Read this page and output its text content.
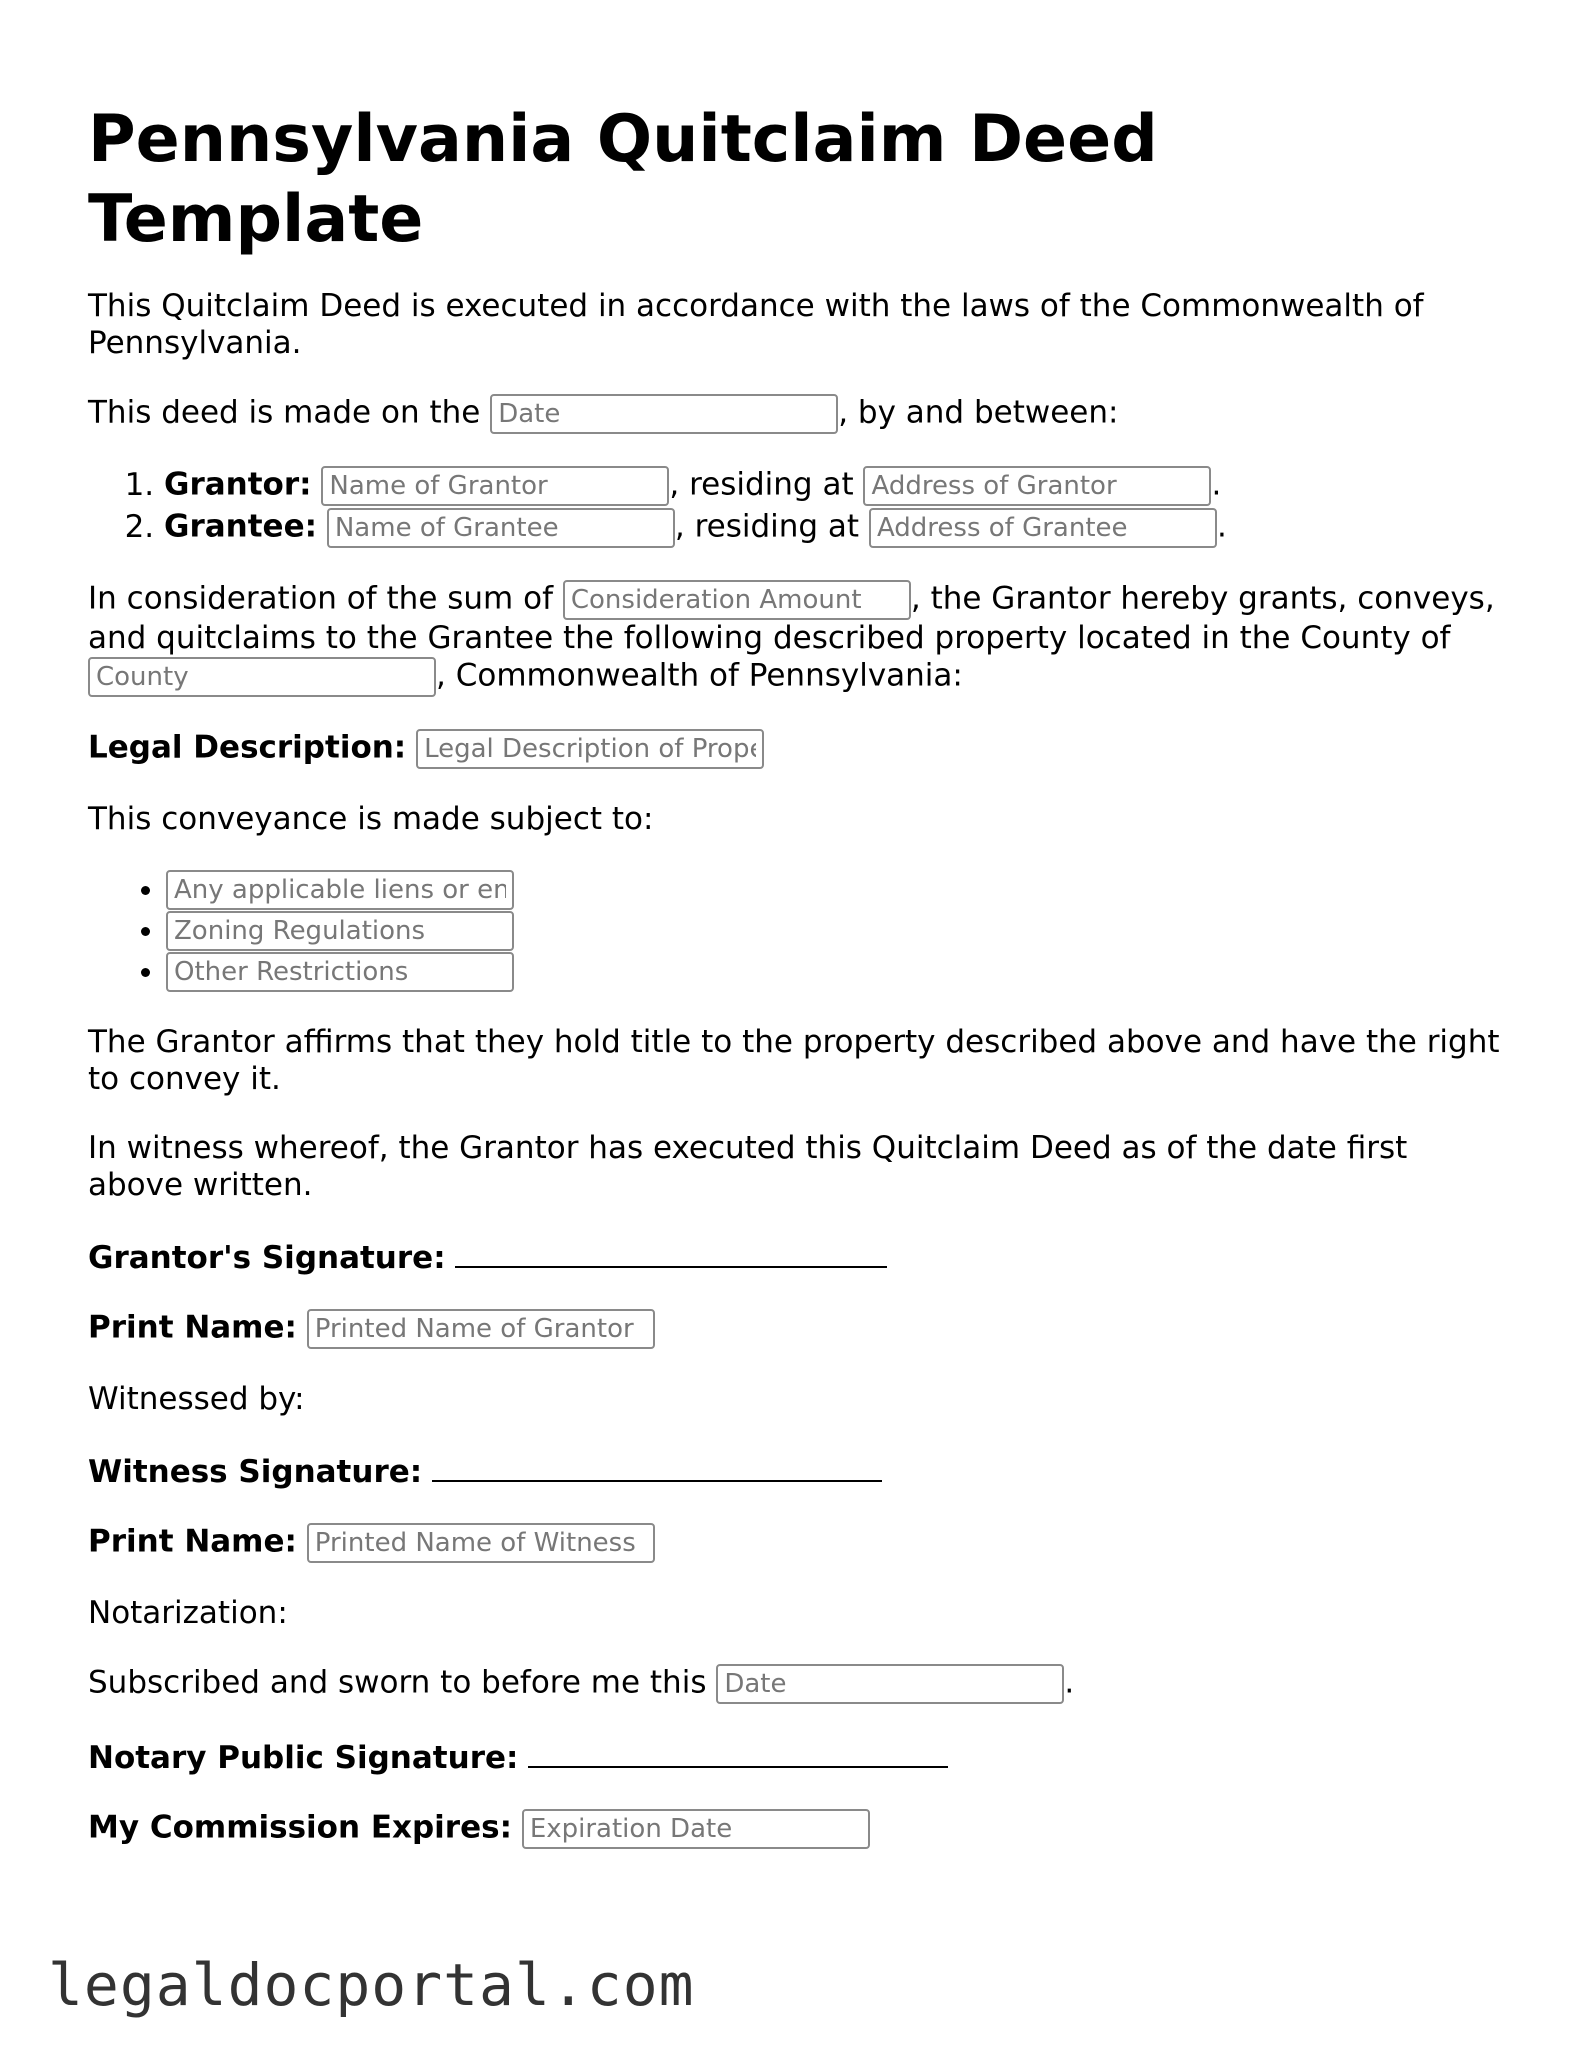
Pennsylvania Quitclaim Deed Template

This Quitclaim Deed is executed in accordance with the laws of the Commonwealth of Pennsylvania.

This deed is made on the Date	, by and between:

1. Grantor: Name of Grantor	, residing at Address of Grantor	.
2. Grantee: Name of Grantee	, residing at Address of Grantee	.

In consideration of the sum of Consideration Amount	, the Grantor hereby grants, conveys, and quitclaims to the Grantee the following described property located in the County of County, Commonwealth of Pennsylvania:

Legal Description: Legal Description of Property

This conveyance is made subject to:

• Any applicable liens or encumbrances
• Zoning Regulations
• Other Restrictions

The Grantor affirms that they hold title to the property described above and have the right to convey it.

In witness whereof, the Grantor has executed this Quitclaim Deed as of the date first above written.

Grantor's Signature:

Print Name: Printed Name of Grantor

Witnessed by:

Witness Signature:

Print Name: Printed Name of Witness

Notarization:

Subscribed and sworn to before me this Date	.

Notary Public Signature:

My Commission Expires: Expiration Date

legaldocportal.com
